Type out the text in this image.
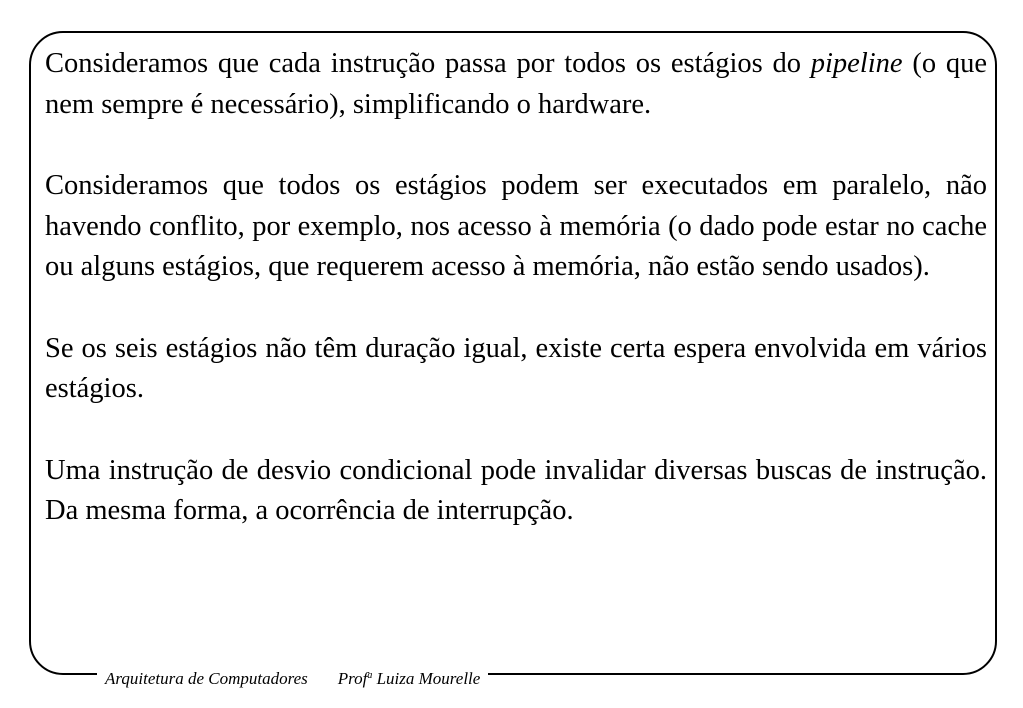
Consideramos que cada instrução passa por todos os estágios do pipeline (o que nem sempre é necessário), simplificando o hardware.

Consideramos que todos os estágios podem ser executados em paralelo, não havendo conflito, por exemplo, nos acesso à memória (o dado pode estar no cache ou alguns estágios, que requerem acesso à memória, não estão sendo usados).

Se os seis estágios não têm duração igual, existe certa espera envolvida em vários estágios.

Uma instrução de desvio condicional pode invalidar diversas buscas de instrução. Da mesma forma, a ocorrência de interrupção.

Arquitetura de Computadores Prof$^a$ Luiza Mourelle
